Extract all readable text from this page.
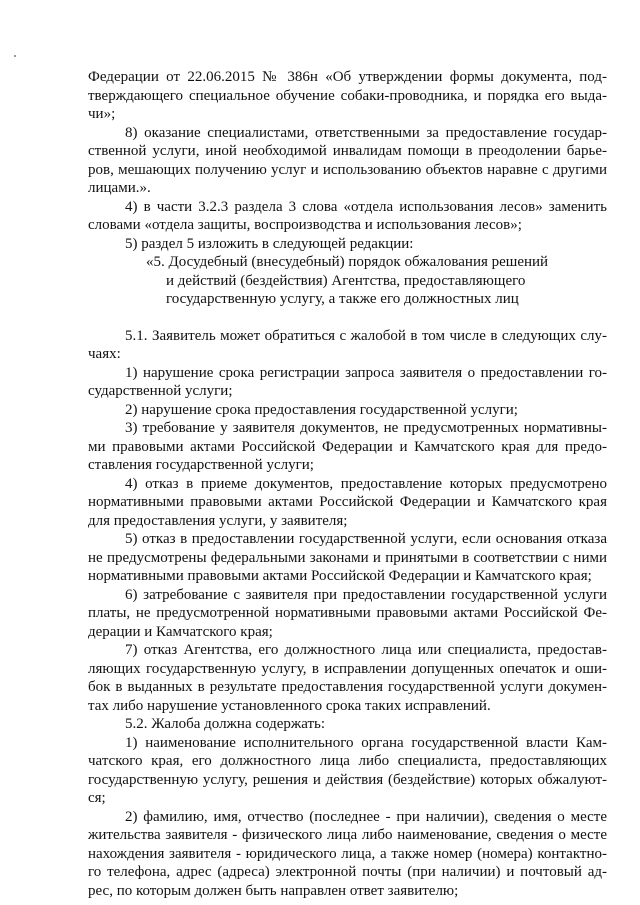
Федерации от 22.06.2015 № 386н «Об утверждении формы документа, под-
тверждающего специальное обучение собаки-проводника, и порядка его выда-
чи»;
8) оказание специалистами, ответственными за предоставление государ-
ственной услуги, иной необходимой инвалидам помощи в преодолении барье-
ров, мешающих получению услуг и использованию объектов наравне с другими
лицами.».
4) в части 3.2.3 раздела 3 слова «отдела использования лесов» заменить
словами «отдела защиты, воспроизводства и использования лесов»;
5) раздел 5 изложить в следующей редакции:
«5. Досудебный (внесудебный) порядок обжалования решений
и действий (бездействия) Агентства, предоставляющего
государственную услугу, а также его должностных лиц
5.1. Заявитель может обратиться с жалобой в том числе в следующих слу-
чаях:
1) нарушение срока регистрации запроса заявителя о предоставлении го-
сударственной услуги;
2) нарушение срока предоставления государственной услуги;
3) требование у заявителя документов, не предусмотренных нормативны-
ми правовыми актами Российской Федерации и Камчатского края для предо-
ставления государственной услуги;
4) отказ в приеме документов, предоставление которых предусмотрено
нормативными правовыми актами Российской Федерации и Камчатского края
для предоставления услуги, у заявителя;
5) отказ в предоставлении государственной услуги, если основания отказа
не предусмотрены федеральными законами и принятыми в соответствии с ними
нормативными правовыми актами Российской Федерации и Камчатского края;
6) затребование с заявителя при предоставлении государственной услуги
платы, не предусмотренной нормативными правовыми актами Российской Фе-
дерации и Камчатского края;
7) отказ Агентства, его должностного лица или специалиста, предостав-
ляющих государственную услугу, в исправлении допущенных опечаток и оши-
бок в выданных в результате предоставления государственной услуги докумен-
тах либо нарушение установленного срока таких исправлений.
5.2. Жалоба должна содержать:
1) наименование исполнительного органа государственной власти Кам-
чатского края, его должностного лица либо специалиста, предоставляющих
государственную услугу, решения и действия (бездействие) которых обжалуют-
ся;
2) фамилию, имя, отчество (последнее - при наличии), сведения о месте
жительства заявителя - физического лица либо наименование, сведения о месте
нахождения заявителя - юридического лица, а также номер (номера) контактно-
го телефона, адрес (адреса) электронной почты (при наличии) и почтовый ад-
рес, по которым должен быть направлен ответ заявителю;
